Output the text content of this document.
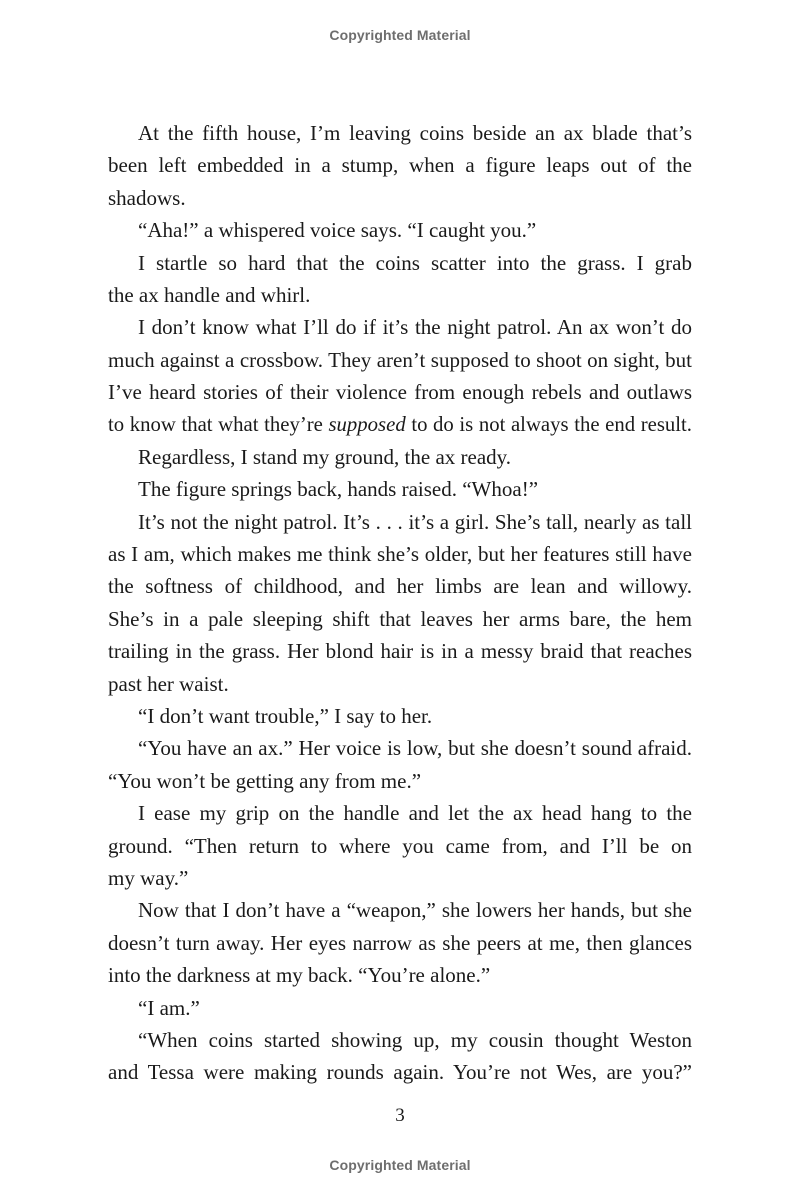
Copyrighted Material
At the fifth house, I’m leaving coins beside an ax blade that’s
been left embedded in a stump, when a figure leaps out of the
shadows.
“Aha!” a whispered voice says. “I caught you.”
I startle so hard that the coins scatter into the grass. I grab
the ax handle and whirl.
I don’t know what I’ll do if it’s the night patrol. An ax won’t do
much against a crossbow. They aren’t supposed to shoot on sight, but
I’ve heard stories of their violence from enough rebels and outlaws
to know that what they’re supposed to do is not always the end result.
Regardless, I stand my ground, the ax ready.
The figure springs back, hands raised. “Whoa!”
It’s not the night patrol. It’s . . . it’s a girl. She’s tall, nearly as tall
as I am, which makes me think she’s older, but her features still have
the softness of childhood, and her limbs are lean and willowy.
She’s in a pale sleeping shift that leaves her arms bare, the hem
trailing in the grass. Her blond hair is in a messy braid that reaches
past her waist.
“I don’t want trouble,” I say to her.
“You have an ax.” Her voice is low, but she doesn’t sound afraid.
“You won’t be getting any from me.”
I ease my grip on the handle and let the ax head hang to the
ground. “Then return to where you came from, and I’ll be on
my way.”
Now that I don’t have a “weapon,” she lowers her hands, but she
doesn’t turn away. Her eyes narrow as she peers at me, then glances
into the darkness at my back. “You’re alone.”
“I am.”
“When coins started showing up, my cousin thought Weston
and Tessa were making rounds again. You’re not Wes, are you?”
3
Copyrighted Material
